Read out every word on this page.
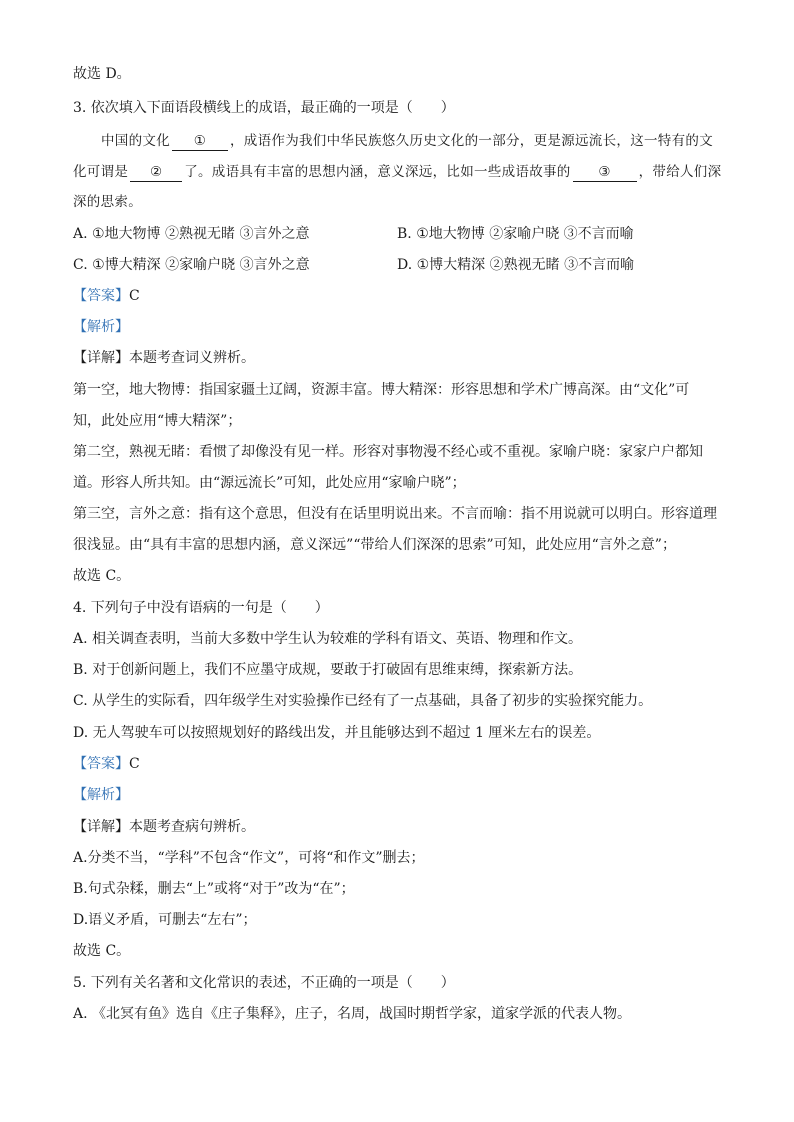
故选 D。
3. 依次填入下面语段横线上的成语，最正确的一项是（　　）
中国的文化 ① ，成语作为我们中华民族悠久历史文化的一部分，更是源远流长，这一特有的文
化可谓是 ② 了。成语具有丰富的思想内涵，意义深远，比如一些成语故事的 ③ ，带给人们深
深的思索。
A. ①地大物博 ②熟视无睹 ③言外之意	B. ①地大物博 ②家喻户晓 ③不言而喻
C. ①博大精深 ②家喻户晓 ③言外之意	D. ①博大精深 ②熟视无睹 ③不言而喻
【答案】C
【解析】
【详解】本题考查词义辨析。
第一空，地大物博：指国家疆土辽阔，资源丰富。博大精深：形容思想和学术广博高深。由“文化”可
知，此处应用“博大精深”；
第二空，熟视无睹：看惯了却像没有见一样。形容对事物漫不经心或不重视。家喻户晓：家家户户都知
道。形容人所共知。由“源远流长”可知，此处应用“家喻户晓”；
第三空，言外之意：指有这个意思，但没有在话里明说出来。不言而喻：指不用说就可以明白。形容道理
很浅显。由“具有丰富的思想内涵，意义深远”“带给人们深深的思索”可知，此处应用“言外之意”；
故选 C。
4. 下列句子中没有语病的一句是（　　）
A. 相关调查表明，当前大多数中学生认为较难的学科有语文、英语、物理和作文。
B. 对于创新问题上，我们不应墨守成规，要敢于打破固有思维束缚，探索新方法。
C. 从学生的实际看，四年级学生对实验操作已经有了一点基础，具备了初步的实验探究能力。
D. 无人驾驶车可以按照规划好的路线出发，并且能够达到不超过 1 厘米左右的误差。
【答案】C
【解析】
【详解】本题考查病句辨析。
A.分类不当，“学科”不包含“作文”，可将“和作文”删去；
B.句式杂糅，删去“上”或将“对于”改为“在”；
D.语义矛盾，可删去“左右”；
故选 C。
5. 下列有关名著和文化常识的表述，不正确的一项是（　　）
A. 《北冥有鱼》选自《庄子集释》，庄子，名周，战国时期哲学家，道家学派的代表人物。
